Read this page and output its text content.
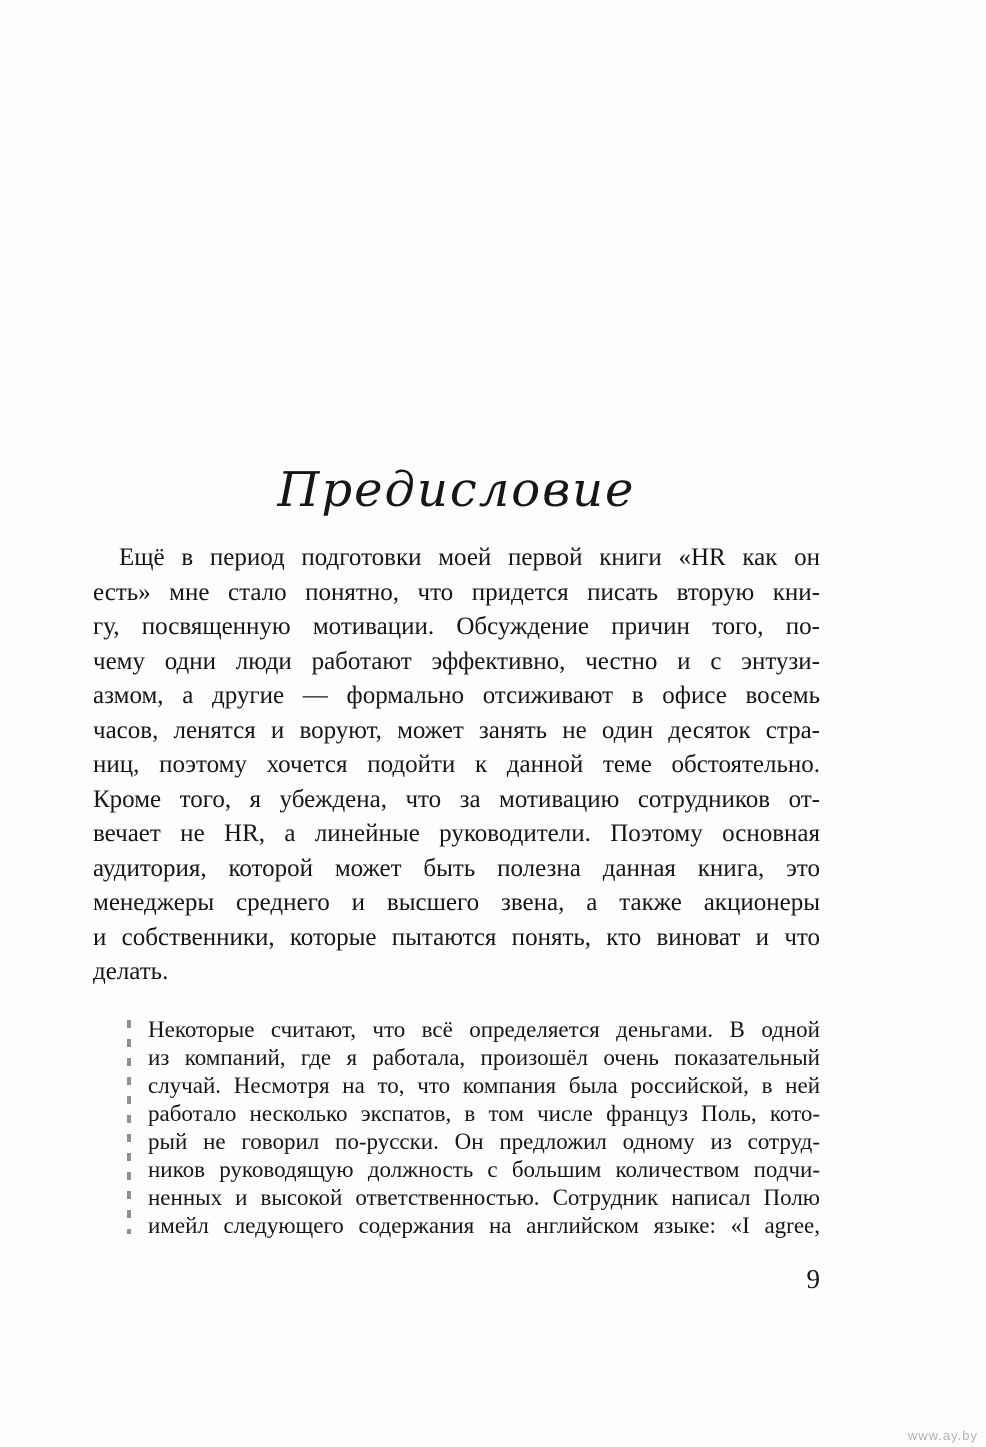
Предисловие
Ещё в период подготовки моей первой книги «HR как он
есть» мне стало понятно, что придется писать вторую кни-
гу, посвященную мотивации. Обсуждение причин того, по-
чему одни люди работают эффективно, честно и с энтузи-
азмом, а другие — формально отсиживают в офисе восемь
часов, ленятся и воруют, может занять не один десяток стра-
ниц, поэтому хочется подойти к данной теме обстоятельно.
Кроме того, я убеждена, что за мотивацию сотрудников от-
вечает не HR, а линейные руководители. Поэтому основная
аудитория, которой может быть полезна данная книга, это
менеджеры среднего и высшего звена, а также акционеры
и собственники, которые пытаются понять, кто виноват и что
делать.
Некоторые считают, что всё определяется деньгами. В одной
из компаний, где я работала, произошёл очень показательный
случай. Несмотря на то, что компания была российской, в ней
работало несколько экспатов, в том числе француз Поль, кото-
рый не говорил по-русски. Он предложил одному из сотруд-
ников руководящую должность с большим количеством подчи-
ненных и высокой ответственностью. Сотрудник написал Полю
имейл следующего содержания на английском языке: «I agree,
9
www.ay.by
